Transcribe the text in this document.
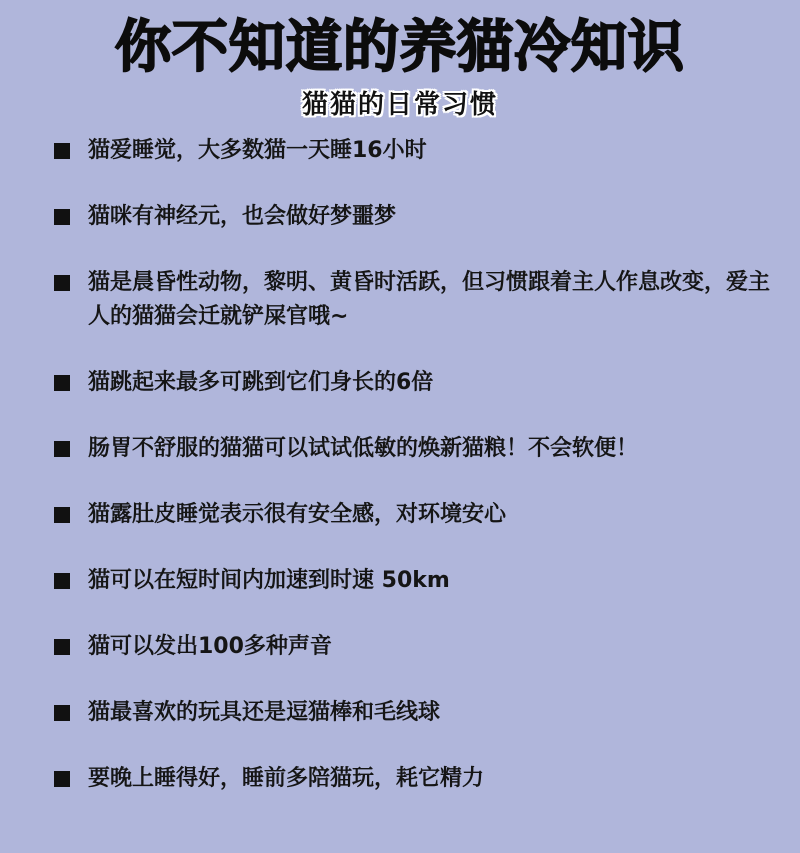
你不知道的养猫冷知识
猫猫的日常习惯
猫爱睡觉，大多数猫一天睡16小时
猫咪有神经元，也会做好梦噩梦
猫是晨昏性动物，黎明、黄昏时活跃，但习惯跟着主人作息改变，爱主人的猫猫会迁就铲屎官哦~
猫跳起来最多可跳到它们身长的6倍
肠胃不舒服的猫猫可以试试低敏的焕新猫粮！不会软便！
猫露肚皮睡觉表示很有安全感，对环境安心
猫可以在短时间内加速到时速 50km
猫可以发出100多种声音
猫最喜欢的玩具还是逗猫棒和毛线球
要晚上睡得好，睡前多陪猫玩，耗它精力
